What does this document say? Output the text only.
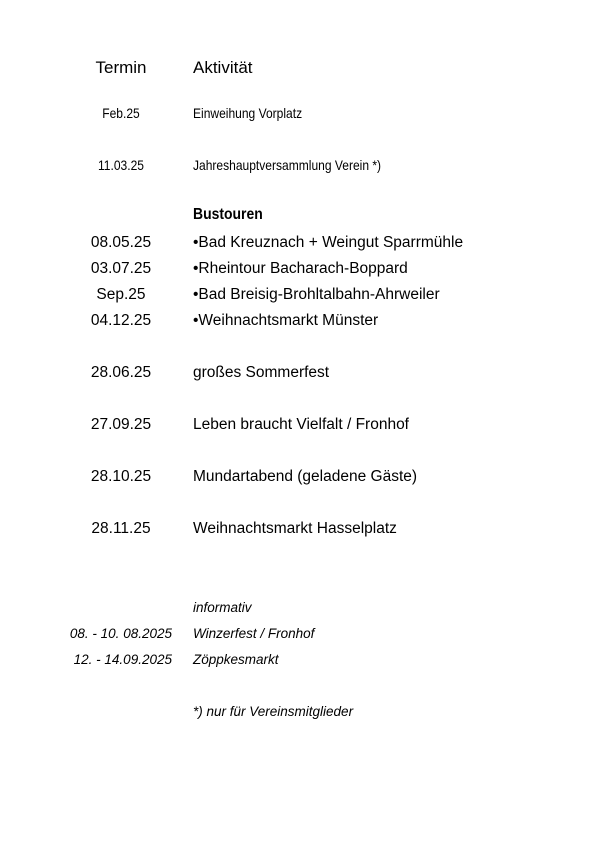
Termin	Aktivität
Feb.25	Einweihung Vorplatz
11.03.25	Jahreshauptversammlung Verein *)
Bustouren
08.05.25	•Bad Kreuznach + Weingut Sparrmühle
03.07.25	•Rheintour Bacharach-Boppard
Sep.25	•Bad Breisig-Brohltalbahn-Ahrweiler
04.12.25	•Weihnachtsmarkt Münster
28.06.25	großes Sommerfest
27.09.25	Leben braucht Vielfalt / Fronhof
28.10.25	Mundartabend (geladene Gäste)
28.11.25	Weihnachtsmarkt Hasselplatz
informativ
08. - 10. 08.2025 Winzerfest / Fronhof
12. - 14.09.2025 Zöppkesmarkt
*) nur für Vereinsmitglieder
